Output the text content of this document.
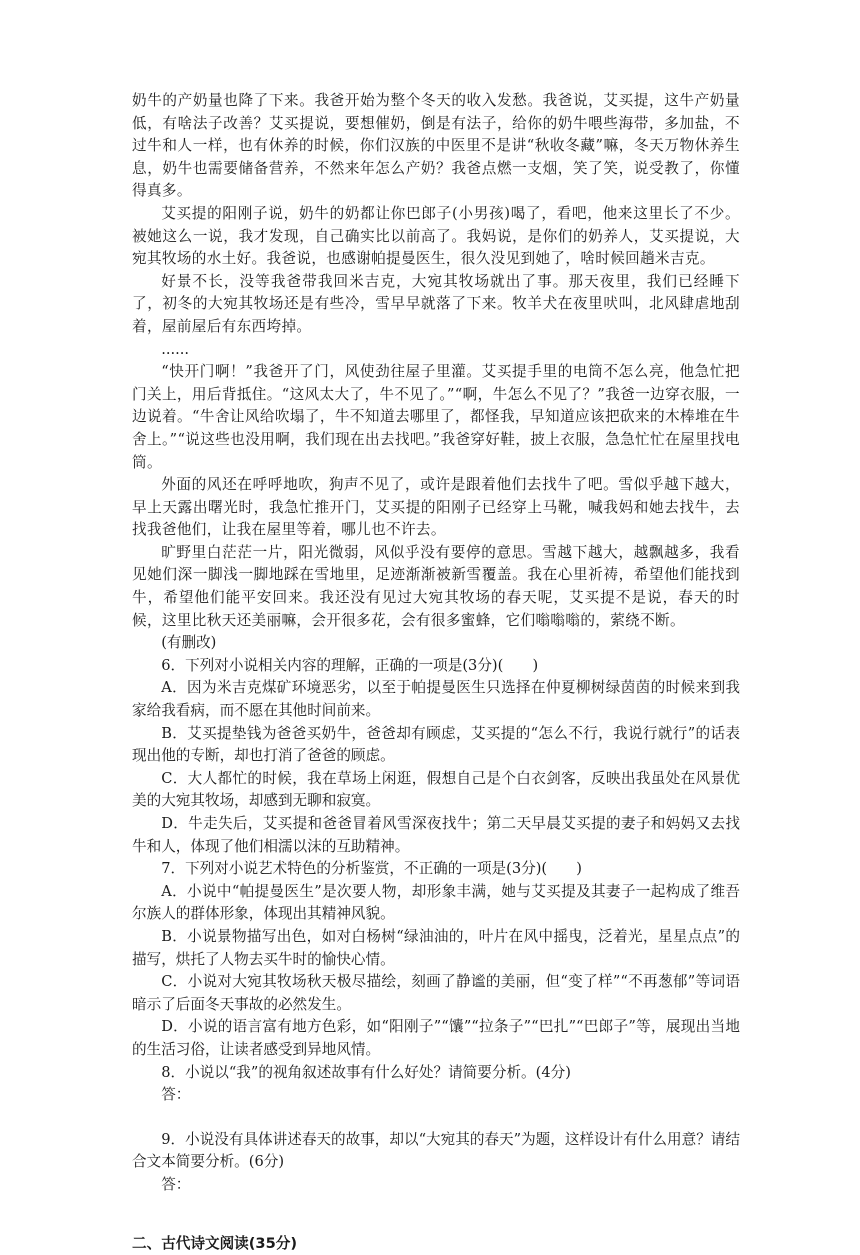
奶牛的产奶量也降了下来。我爸开始为整个冬天的收入发愁。我爸说，艾买提，这牛产奶量低，有啥法子改善？艾买提说，要想催奶，倒是有法子，给你的奶牛喂些海带，多加盐，不过牛和人一样，也有休养的时候，你们汉族的中医里不是讲“秋收冬藏”嘛，冬天万物休养生息，奶牛也需要储备营养，不然来年怎么产奶？我爸点燃一支烟，笑了笑，说受教了，你懂得真多。

艾买提的阳刚子说，奶牛的奶都让你巴郎子(小男孩)喝了，看吧，他来这里长了不少。被她这么一说，我才发现，自己确实比以前高了。我妈说，是你们的奶养人，艾买提说，大宛其牧场的水土好。我爸说，也感谢帕提曼医生，很久没见到她了，啥时候回趟米吉克。

好景不长，没等我爸带我回米吉克，大宛其牧场就出了事。那天夜里，我们已经睡下了，初冬的大宛其牧场还是有些冷，雪早早就落了下来。牧羊犬在夜里吠叫，北风肆虐地刮着，屋前屋后有东西垮掉。

......

“快开门啊！”我爸开了门，风使劲往屋子里灌。艾买提手里的电筒不怎么亮，他急忙把门关上，用后背抵住。“这风太大了，牛不见了。”“啊，牛怎么不见了？”我爸一边穿衣服，一边说着。“牛舍让风给吹塌了，牛不知道去哪里了，都怪我，早知道应该把砍来的木棒堆在牛舍上。”“说这些也没用啊，我们现在出去找吧。”我爸穿好鞋，披上衣服，急急忙忙在屋里找电筒。

外面的风还在呼呼地吹，狗声不见了，或许是跟着他们去找牛了吧。雪似乎越下越大，早上天露出曙光时，我急忙推开门，艾买提的阳刚子已经穿上马靴，喊我妈和她去找牛，去找我爸他们，让我在屋里等着，哪儿也不许去。

旷野里白茫茫一片，阳光微弱，风似乎没有要停的意思。雪越下越大，越飘越多，我看见她们深一脚浅一脚地踩在雪地里，足迹渐渐被新雪覆盖。我在心里祈祷，希望他们能找到牛，希望他们能平安回来。我还没有见过大宛其牧场的春天呢，艾买提不是说，春天的时候，这里比秋天还美丽嘛，会开很多花，会有很多蜜蜂，它们嗡嗡嗡的，萦绕不断。

(有删改)

6．下列对小说相关内容的理解，正确的一项是(3分)(　　)

A．因为米吉克煤矿环境恶劣，以至于帕提曼医生只选择在仲夏柳树绿茵茵的时候来到我家给我看病，而不愿在其他时间前来。

B．艾买提垫钱为爸爸买奶牛，爸爸却有顾虑，艾买提的“怎么不行，我说行就行”的话表现出他的专断，却也打消了爸爸的顾虑。

C．大人都忙的时候，我在草场上闲逛，假想自己是个白衣剑客，反映出我虽处在风景优美的大宛其牧场，却感到无聊和寂寞。

D．牛走失后，艾买提和爸爸冒着风雪深夜找牛；第二天早晨艾买提的妻子和妈妈又去找牛和人，体现了他们相濡以沫的互助精神。

7．下列对小说艺术特色的分析鉴赏，不正确的一项是(3分)(　　)

A．小说中“帕提曼医生”是次要人物，却形象丰满，她与艾买提及其妻子一起构成了维吾尔族人的群体形象，体现出其精神风貌。

B．小说景物描写出色，如对白杨树“绿油油的，叶片在风中摇曳，泛着光，星星点点”的描写，烘托了人物去买牛时的愉快心情。

C．小说对大宛其牧场秋天极尽描绘，刻画了静谧的美丽，但“变了样”“不再葱郁”等词语暗示了后面冬天事故的必然发生。

D．小说的语言富有地方色彩，如“阳刚子”“馕”“拉条子”“巴扎”“巴郎子”等，展现出当地的生活习俗，让读者感受到异地风情。

8．小说以“我”的视角叙述故事有什么好处？请简要分析。(4分)

答：

9．小说没有具体讲述春天的故事，却以“大宛其的春天”为题，这样设计有什么用意？请结合文本简要分析。(6分)

答：

二、古代诗文阅读(35分)
